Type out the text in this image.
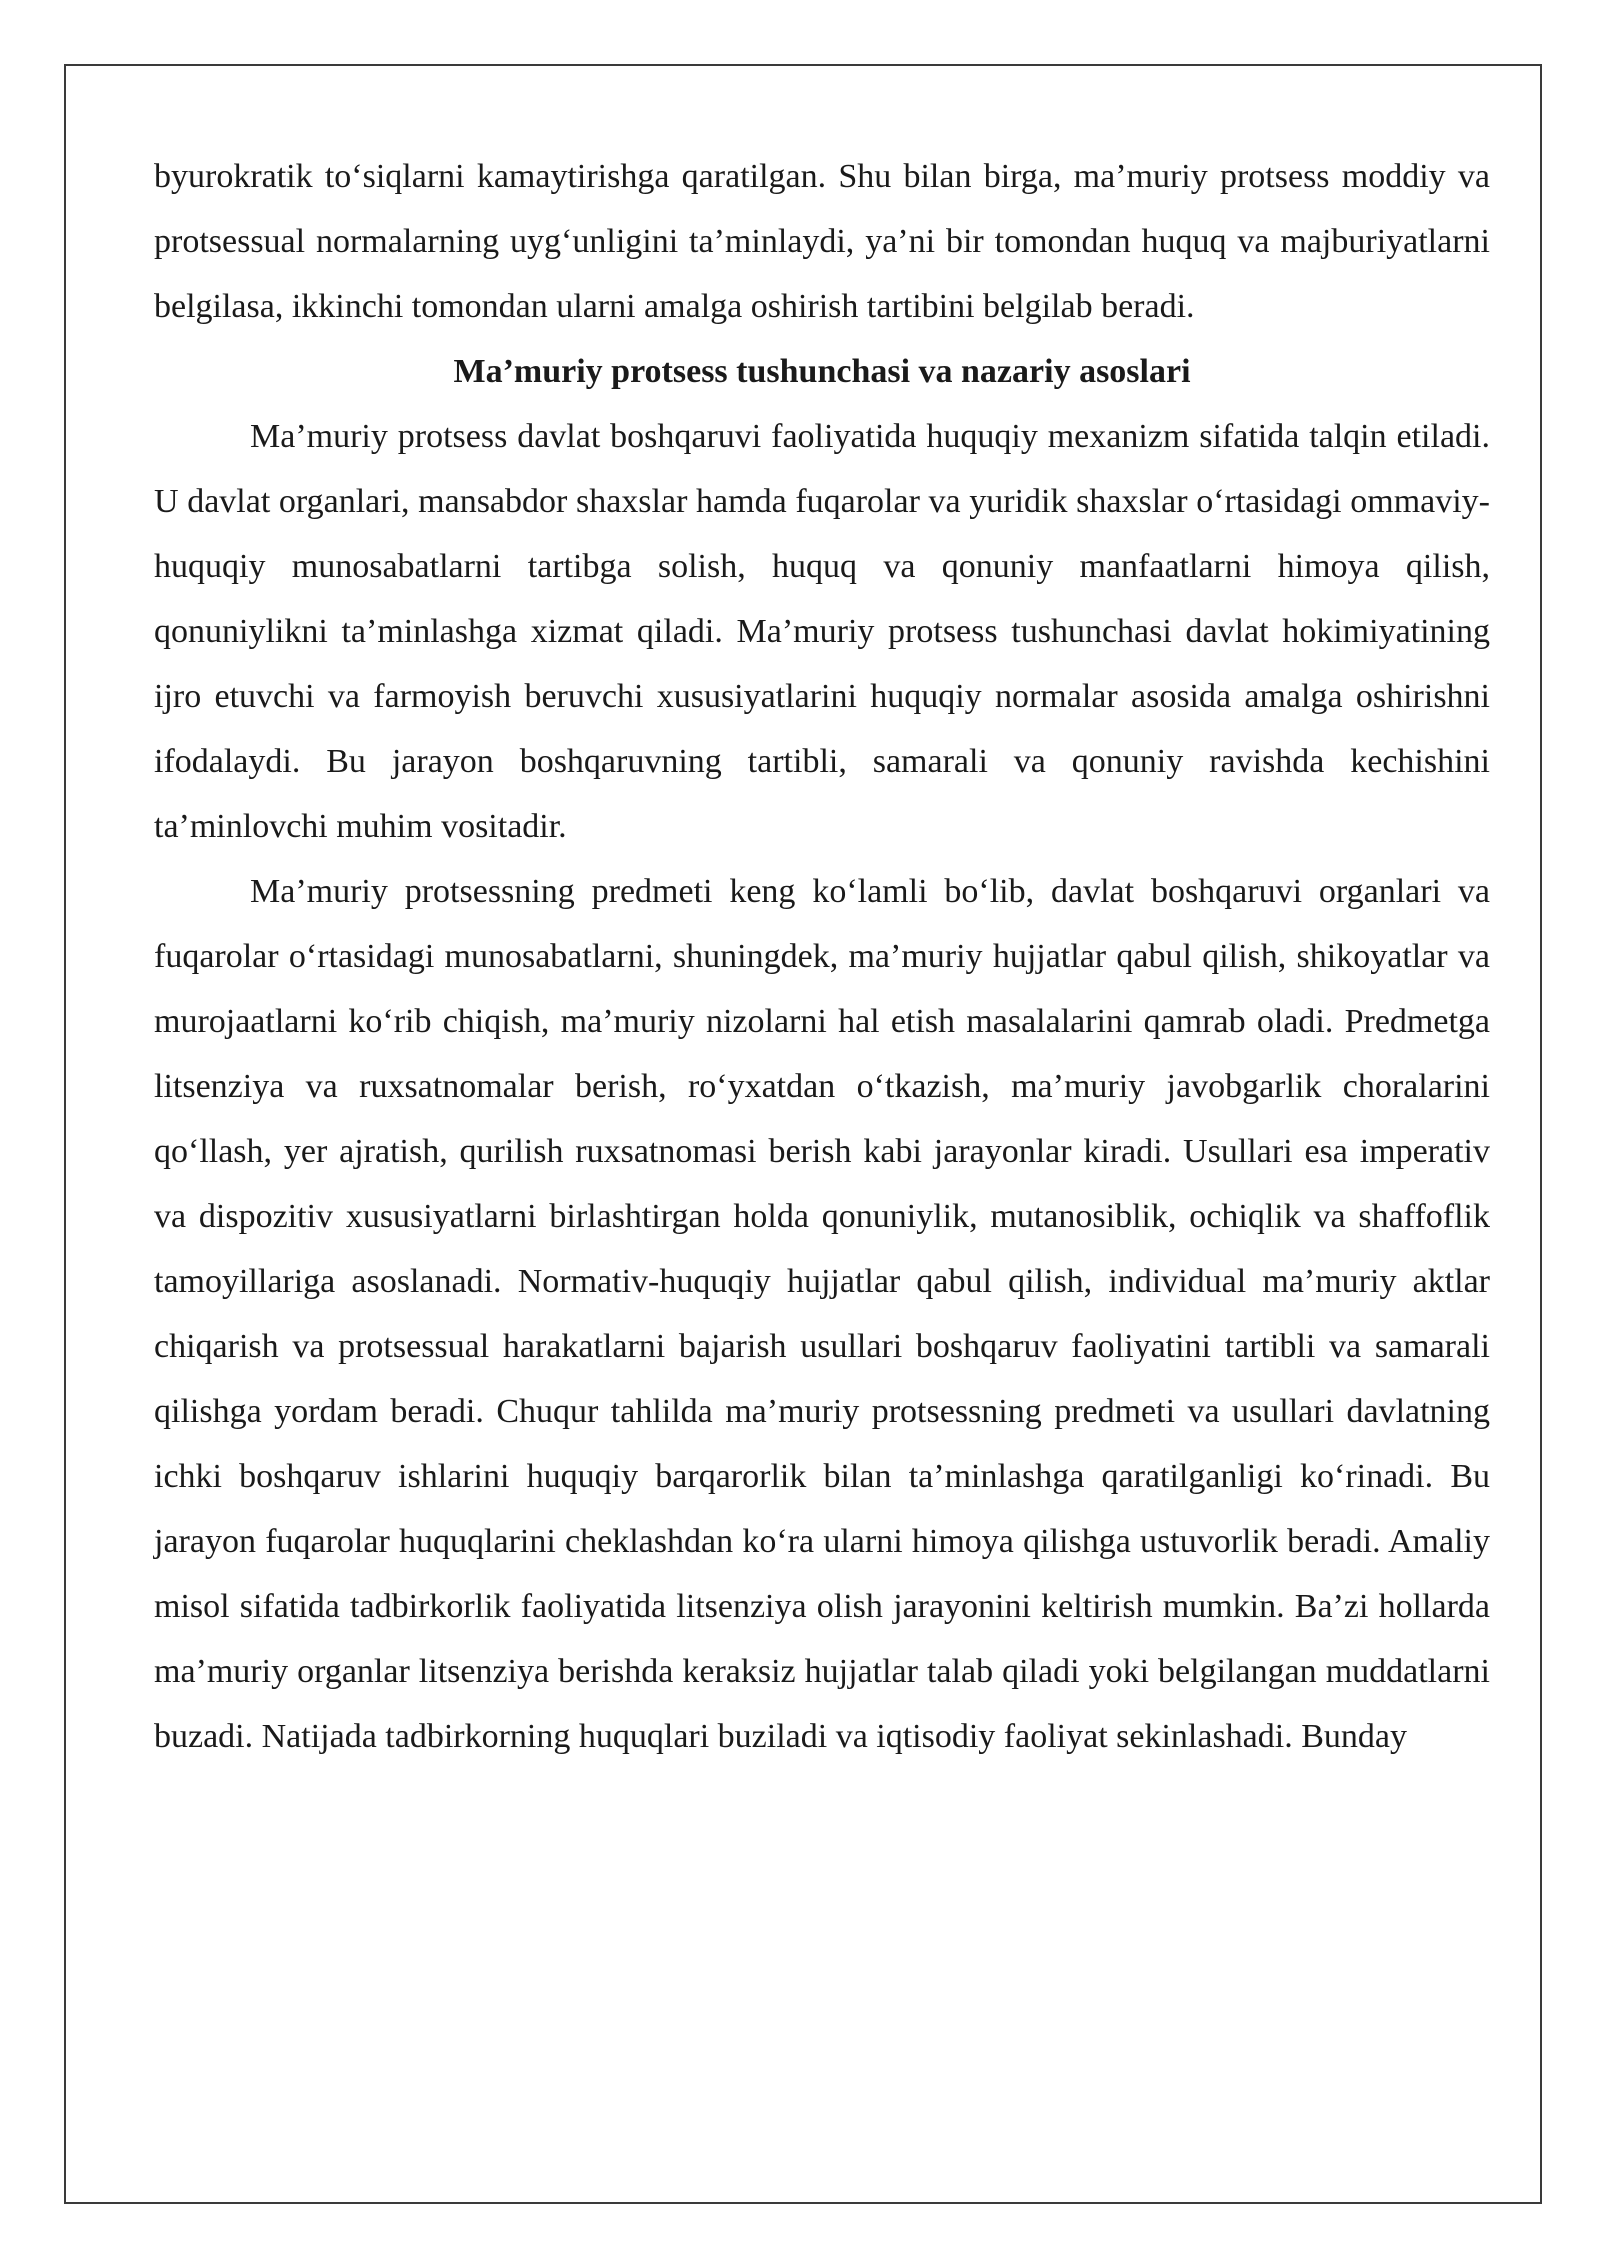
byurokratik to‘siqlarni kamaytirishga qaratilgan. Shu bilan birga, ma’muriy protsess moddiy va protsessual normalarning uyg‘unligini ta’minlaydi, ya’ni bir tomondan huquq va majburiyatlarni belgilasa, ikkinchi tomondan ularni amalga oshirish tartibini belgilab beradi.

Ma’muriy protsess tushunchasi va nazariy asoslari

Ma’muriy protsess davlat boshqaruvi faoliyatida huquqiy mexanizm sifatida talqin etiladi. U davlat organlari, mansabdor shaxslar hamda fuqarolar va yuridik shaxslar o‘rtasidagi ommaviy-huquqiy munosabatlarni tartibga solish, huquq va qonuniy manfaatlarni himoya qilish, qonuniylikni ta’minlashga xizmat qiladi. Ma’muriy protsess tushunchasi davlat hokimiyatining ijro etuvchi va farmoyish beruvchi xususiyatlarini huquqiy normalar asosida amalga oshirishni ifodalaydi. Bu jarayon boshqaruvning tartibli, samarali va qonuniy ravishda kechishini ta’minlovchi muhim vositadir.

Ma’muriy protsessning predmeti keng ko‘lamli bo‘lib, davlat boshqaruvi organlari va fuqarolar o‘rtasidagi munosabatlarni, shuningdek, ma’muriy hujjatlar qabul qilish, shikoyatlar va murojaatlarni ko‘rib chiqish, ma’muriy nizolarni hal etish masalalarini qamrab oladi. Predmetga litsenziya va ruxsatnomalar berish, ro‘yxatdan o‘tkazish, ma’muriy javobgarlik choralarini qo‘llash, yer ajratish, qurilish ruxsatnomasi berish kabi jarayonlar kiradi. Usullari esa imperativ va dispozitiv xususiyatlarni birlashtirgan holda qonuniylik, mutanosiblik, ochiqlik va shaffoflik tamoyillariga asoslanadi. Normativ-huquqiy hujjatlar qabul qilish, individual ma’muriy aktlar chiqarish va protsessual harakatlarni bajarish usullari boshqaruv faoliyatini tartibli va samarali qilishga yordam beradi. Chuqur tahlilda ma’muriy protsessning predmeti va usullari davlatning ichki boshqaruv ishlarini huquqiy barqarorlik bilan ta’minlashga qaratilganligi ko‘rinadi. Bu jarayon fuqarolar huquqlarini cheklashdan ko‘ra ularni himoya qilishga ustuvorlik beradi. Amaliy misol sifatida tadbirkorlik faoliyatida litsenziya olish jarayonini keltirish mumkin. Ba’zi hollarda ma’muriy organlar litsenziya berishda keraksiz hujjatlar talab qiladi yoki belgilangan muddatlarni buzadi. Natijada tadbirkorning huquqlari buziladi va iqtisodiy faoliyat sekinlashadi. Bunday
